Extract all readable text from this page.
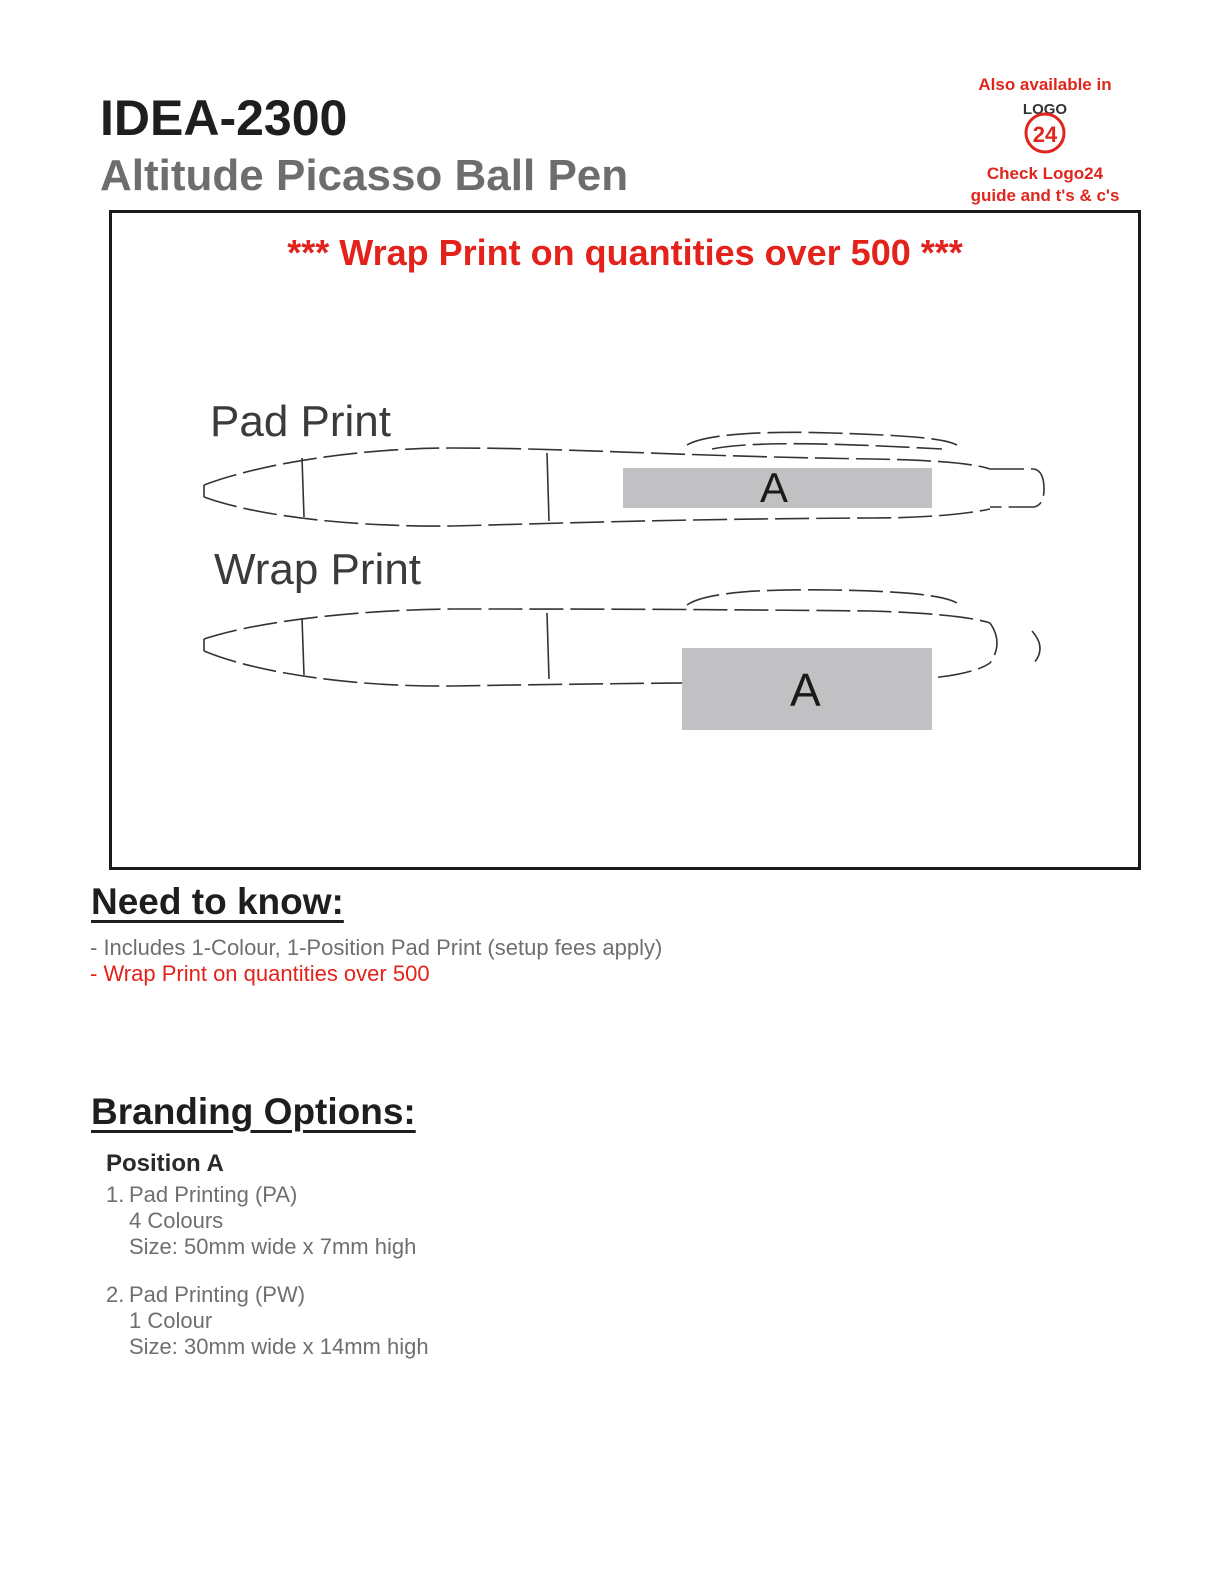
IDEA-2300
Altitude Picasso Ball Pen
Also available in
LOGO
24
Check Logo24
guide and t's & c's
*** Wrap Print on quantities over 500 ***
Pad Print
A
Wrap Print
A
Need to know:
- Includes 1-Colour, 1-Position Pad Print (setup fees apply)
- Wrap Print on quantities over 500
Branding Options:
Position A
1. Pad Printing (PA)
4 Colours
Size: 50mm wide x 7mm high
2. Pad Printing (PW)
1 Colour
Size: 30mm wide x 14mm high
